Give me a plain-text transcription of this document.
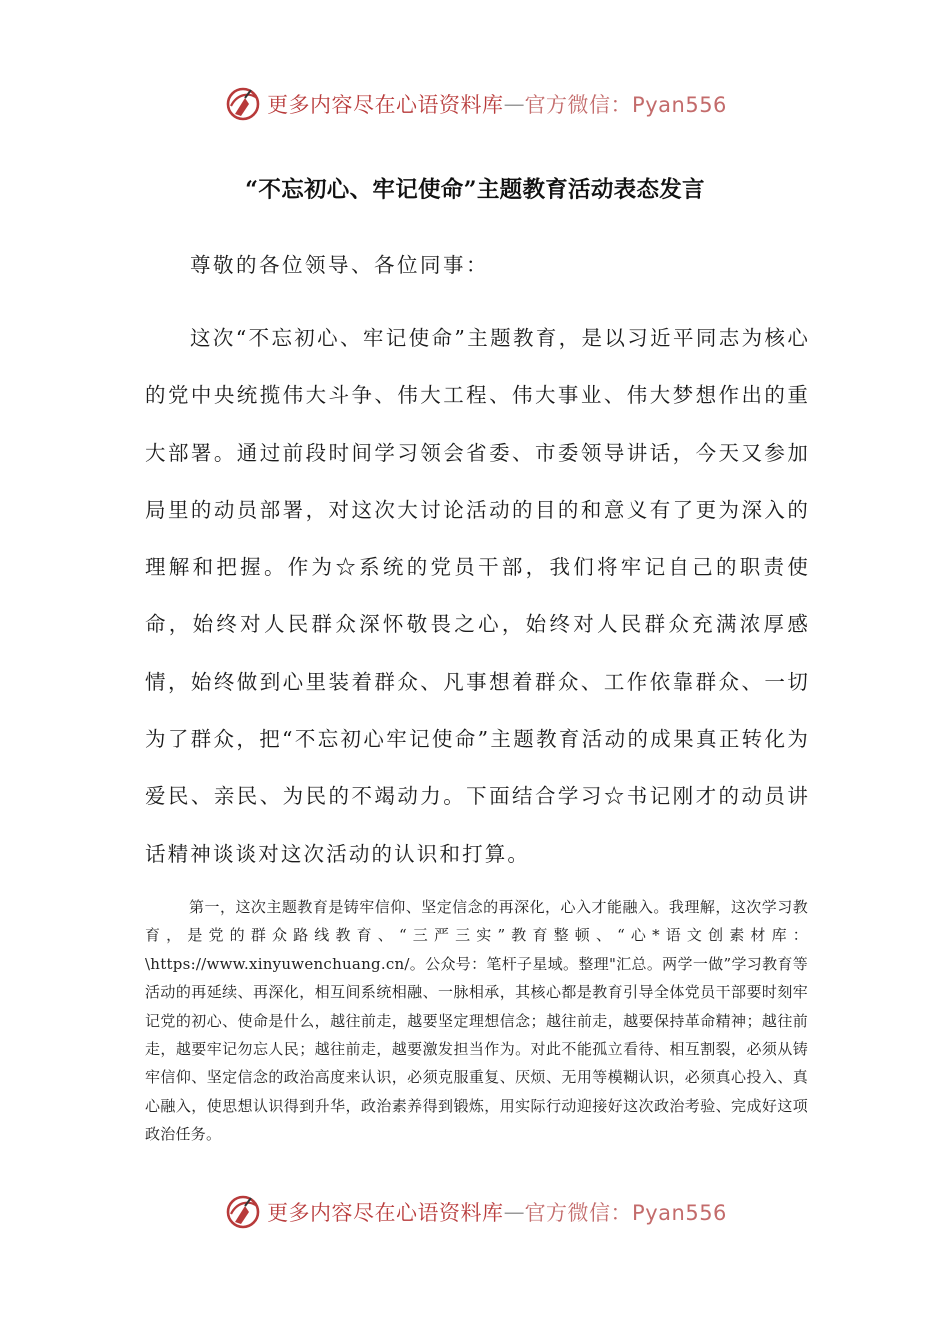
更多内容尽在心语资料库 — 官方微信：Pyan556
“不忘初心、牢记使命”主题教育活动表态发言
尊敬的各位领导、各位同事：
这次“不忘初心、牢记使命”主题教育，是以习近平同志为核心的党中央统揽伟大斗争、伟大工程、伟大事业、伟大梦想作出的重大部署。通过前段时间学习领会省委、市委领导讲话，今天又参加局里的动员部署，对这次大讨论活动的目的和意义有了更为深入的理解和把握。作为☆系统的党员干部，我们将牢记自己的职责使命，始终对人民群众深怀敬畏之心，始终对人民群众充满浓厚感情，始终做到心里装着群众、凡事想着群众、工作依靠群众、一切为了群众，把“不忘初心牢记使命”主题教育活动的成果真正转化为爱民、亲民、为民的不竭动力。下面结合学习☆书记刚才的动员讲话精神谈谈对这次活动的认识和打算。
第一，这次主题教育是铸牢信仰、坚定信念的再深化，心入才能融入。我理解，这次学习教育，是党的群众路线教育、“三严三实”教育整顿、“心*语文创素材库：\https://www.xinyuwenchuang.cn/。公众号：笔杆子星域。整理"汇总。两学一做”学习教育等活动的再延续、再深化，相互间系统相融、一脉相承，其核心都是教育引导全体党员干部要时刻牢记党的初心、使命是什么，越往前走，越要坚定理想信念；越往前走，越要保持革命精神；越往前走，越要牢记勿忘人民；越往前走，越要激发担当作为。对此不能孤立看待、相互割裂，必须从铸牢信仰、坚定信念的政治高度来认识，必须克服重复、厌烦、无用等模糊认识，必须真心投入、真心融入，使思想认识得到升华，政治素养得到锻炼，用实际行动迎接好这次政治考验、完成好这项政治任务。
更多内容尽在心语资料库 — 官方微信：Pyan556
